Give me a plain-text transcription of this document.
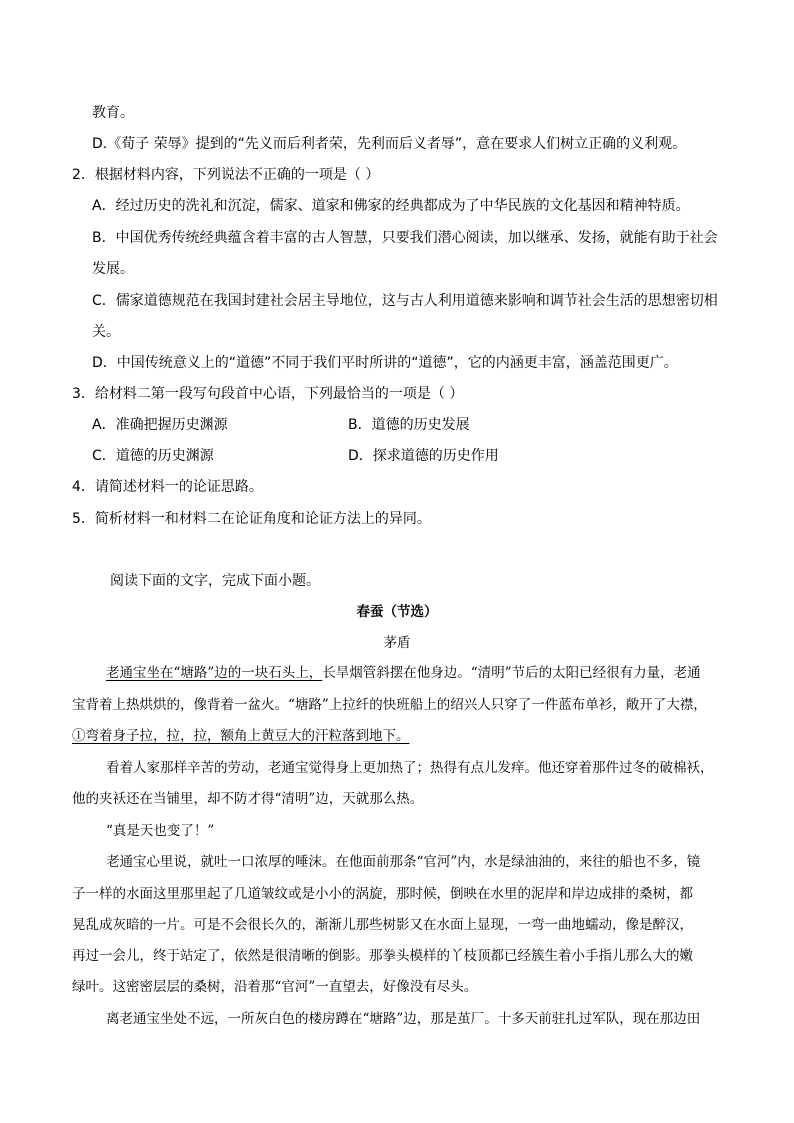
教育。
D.《荀子 荣辱》提到的“先义而后利者荣，先利而后义者辱”，意在要求人们树立正确的义利观。
2．根据材料内容，下列说法不正确的一项是（ ）
A．经过历史的洗礼和沉淀，儒家、道家和佛家的经典都成为了中华民族的文化基因和精神特质。
B．中国优秀传统经典蕴含着丰富的古人智慧，只要我们潜心阅读，加以继承、发扬，就能有助于社会
发展。
C．儒家道德规范在我国封建社会居主导地位，这与古人利用道德来影响和调节社会生活的思想密切相
关。
D．中国传统意义上的“道德”不同于我们平时所讲的“道德”，它的内涵更丰富，涵盖范围更广。
3．给材料二第一段写句段首中心语，下列最恰当的一项是（ ）
A．准确把握历史渊源	B．道德的历史发展
C．道德的历史渊源	D．探求道德的历史作用
4．请简述材料一的论证思路。
5．简析材料一和材料二在论证角度和论证方法上的异同。
阅读下面的文字，完成下面小题。
春蚕（节选）
茅盾
老通宝坐在“塘路”边的一块石头上，长旱烟管斜摆在他身边。“清明”节后的太阳已经很有力量，老通
宝背着上热烘烘的，像背着一盆火。“塘路”上拉纤的快班船上的绍兴人只穿了一件蓝布单衫，敞开了大襟，
①弯着身子拉，拉，拉，额角上黄豆大的汗粒落到地下。
看着人家那样辛苦的劳动，老通宝觉得身上更加热了；热得有点儿发痒。他还穿着那件过冬的破棉袄，
他的夹袄还在当铺里，却不防才得“清明”边，天就那么热。
“真是天也变了！”
老通宝心里说，就吐一口浓厚的唾沫。在他面前那条“官河”内，水是绿油油的，来往的船也不多，镜
子一样的水面这里那里起了几道皱纹或是小小的涡旋，那时候，倒映在水里的泥岸和岸边成排的桑树，都
晃乱成灰暗的一片。可是不会很长久的，渐渐儿那些树影又在水面上显现，一弯一曲地蠕动，像是醉汉，
再过一会儿，终于站定了，依然是很清晰的倒影。那拳头模样的丫枝顶都已经簇生着小手指儿那么大的嫩
绿叶。这密密层层的桑树，沿着那“官河”一直望去，好像没有尽头。
离老通宝坐处不远，一所灰白色的楼房蹲在“塘路”边，那是茧厂。十多天前驻扎过军队，现在那边田
